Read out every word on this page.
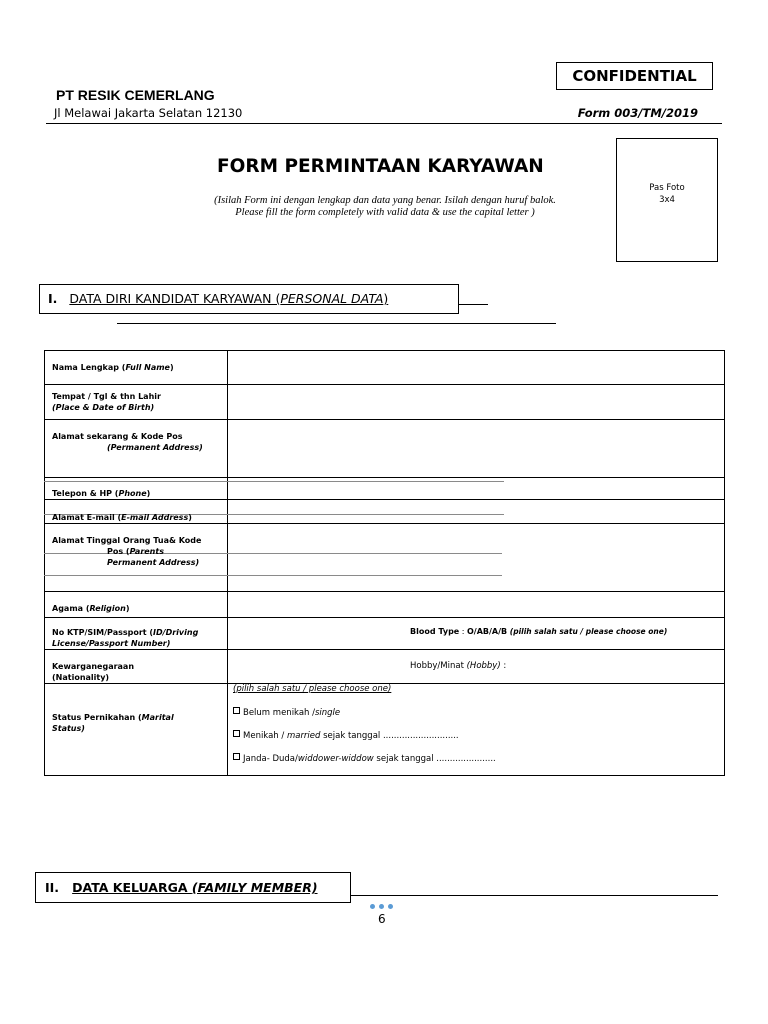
CONFIDENTIAL
PT RESIK CEMERLANG
Jl Melawai Jakarta Selatan 12130	Form 003/TM/2019
FORM PERMINTAAN KARYAWAN
(Isilah Form ini dengan lengkap dan data yang benar. Isilah dengan huruf balok.
Please fill the form completely with valid data & use the capital letter )
Pas Foto
3x4
I. DATA DIRI KANDIDAT KARYAWAN (PERSONAL DATA)
Nama Lengkap (Full Name)
Tempat / Tgl & thn Lahir
(Place & Date of Birth)
Alamat sekarang & Kode Pos
(Permanent Address)
Telepon & HP (Phone)
Alamat E-mail (E-mail Address)
Alamat Tinggal Orang Tua& Kode
Pos (Parents
Permanent Address)
Agama (Religion)
No KTP/SIM/Passport (ID/Driving
License/Passport Number)
Blood Type : O/AB/A/B (pilih salah satu / please choose one)
Kewarganegaraan
(Nationality)
Hobby/Minat (Hobby) :
Status Pernikahan (Marital
Status)
(pilih salah satu / please choose one)
Belum menikah /single
Menikah / married sejak tanggal ............................
Janda- Duda/widdower-widdow sejak tanggal ......................
II. DATA KELUARGA (FAMILY MEMBER)
6
